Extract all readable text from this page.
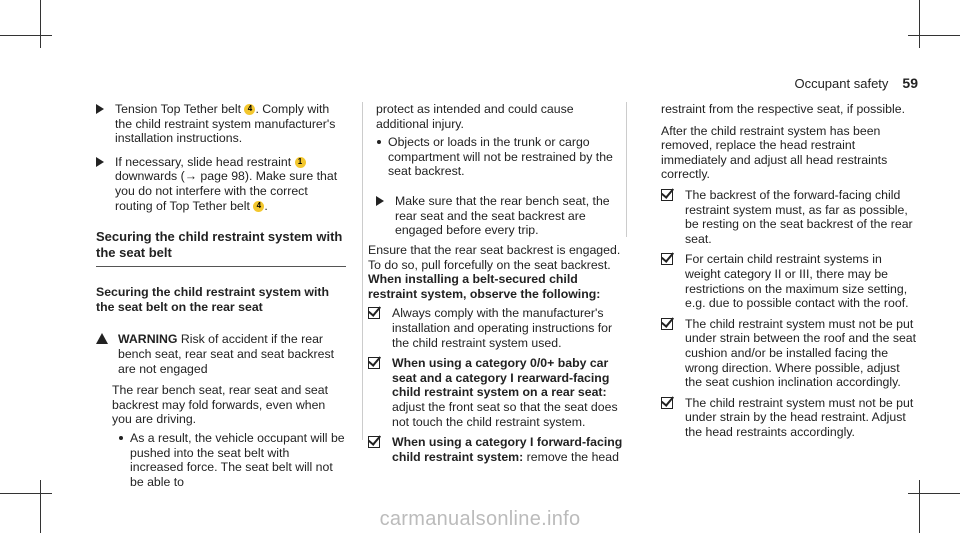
Occupant safety 59
Tension Top Tether belt 4 . Comply with the child restraint system manufacturer's installation instructions.
If necessary, slide head restraint 1 downwards (→ page 98). Make sure that you do not interfere with the correct routing of Top Tether belt 4 .
Securing the child restraint system with the seat belt
Securing the child restraint system with the seat belt on the rear seat
WARNING Risk of accident if the rear bench seat, rear seat and seat backrest are not engaged
The rear bench seat, rear seat and seat backrest may fold forwards, even when you are driving.
As a result, the vehicle occupant will be pushed into the seat belt with increased force. The seat belt will not be able to
protect as intended and could cause additional injury.
Objects or loads in the trunk or cargo compartment will not be restrained by the seat backrest.
Make sure that the rear bench seat, the rear seat and the seat backrest are engaged before every trip.
Ensure that the rear seat backrest is engaged. To do so, pull forcefully on the seat backrest.
When installing a belt-secured child restraint system, observe the following:
Always comply with the manufacturer's installation and operating instructions for the child restraint system used.
When using a category 0/0+ baby car seat and a category I rearward-facing child restraint system on a rear seat: adjust the front seat so that the seat does not touch the child restraint system.
When using a category I forward-facing child restraint system: remove the head
restraint from the respective seat, if possible.
After the child restraint system has been removed, replace the head restraint immediately and adjust all head restraints correctly.
The backrest of the forward-facing child restraint system must, as far as possible, be resting on the seat backrest of the rear seat.
For certain child restraint systems in weight category II or III, there may be restrictions on the maximum size setting, e.g. due to possible contact with the roof.
The child restraint system must not be put under strain between the roof and the seat cushion and/or be installed facing the wrong direction. Where possible, adjust the seat cushion inclination accordingly.
The child restraint system must not be put under strain by the head restraint. Adjust the head restraints accordingly.
carmanualsonline.info
